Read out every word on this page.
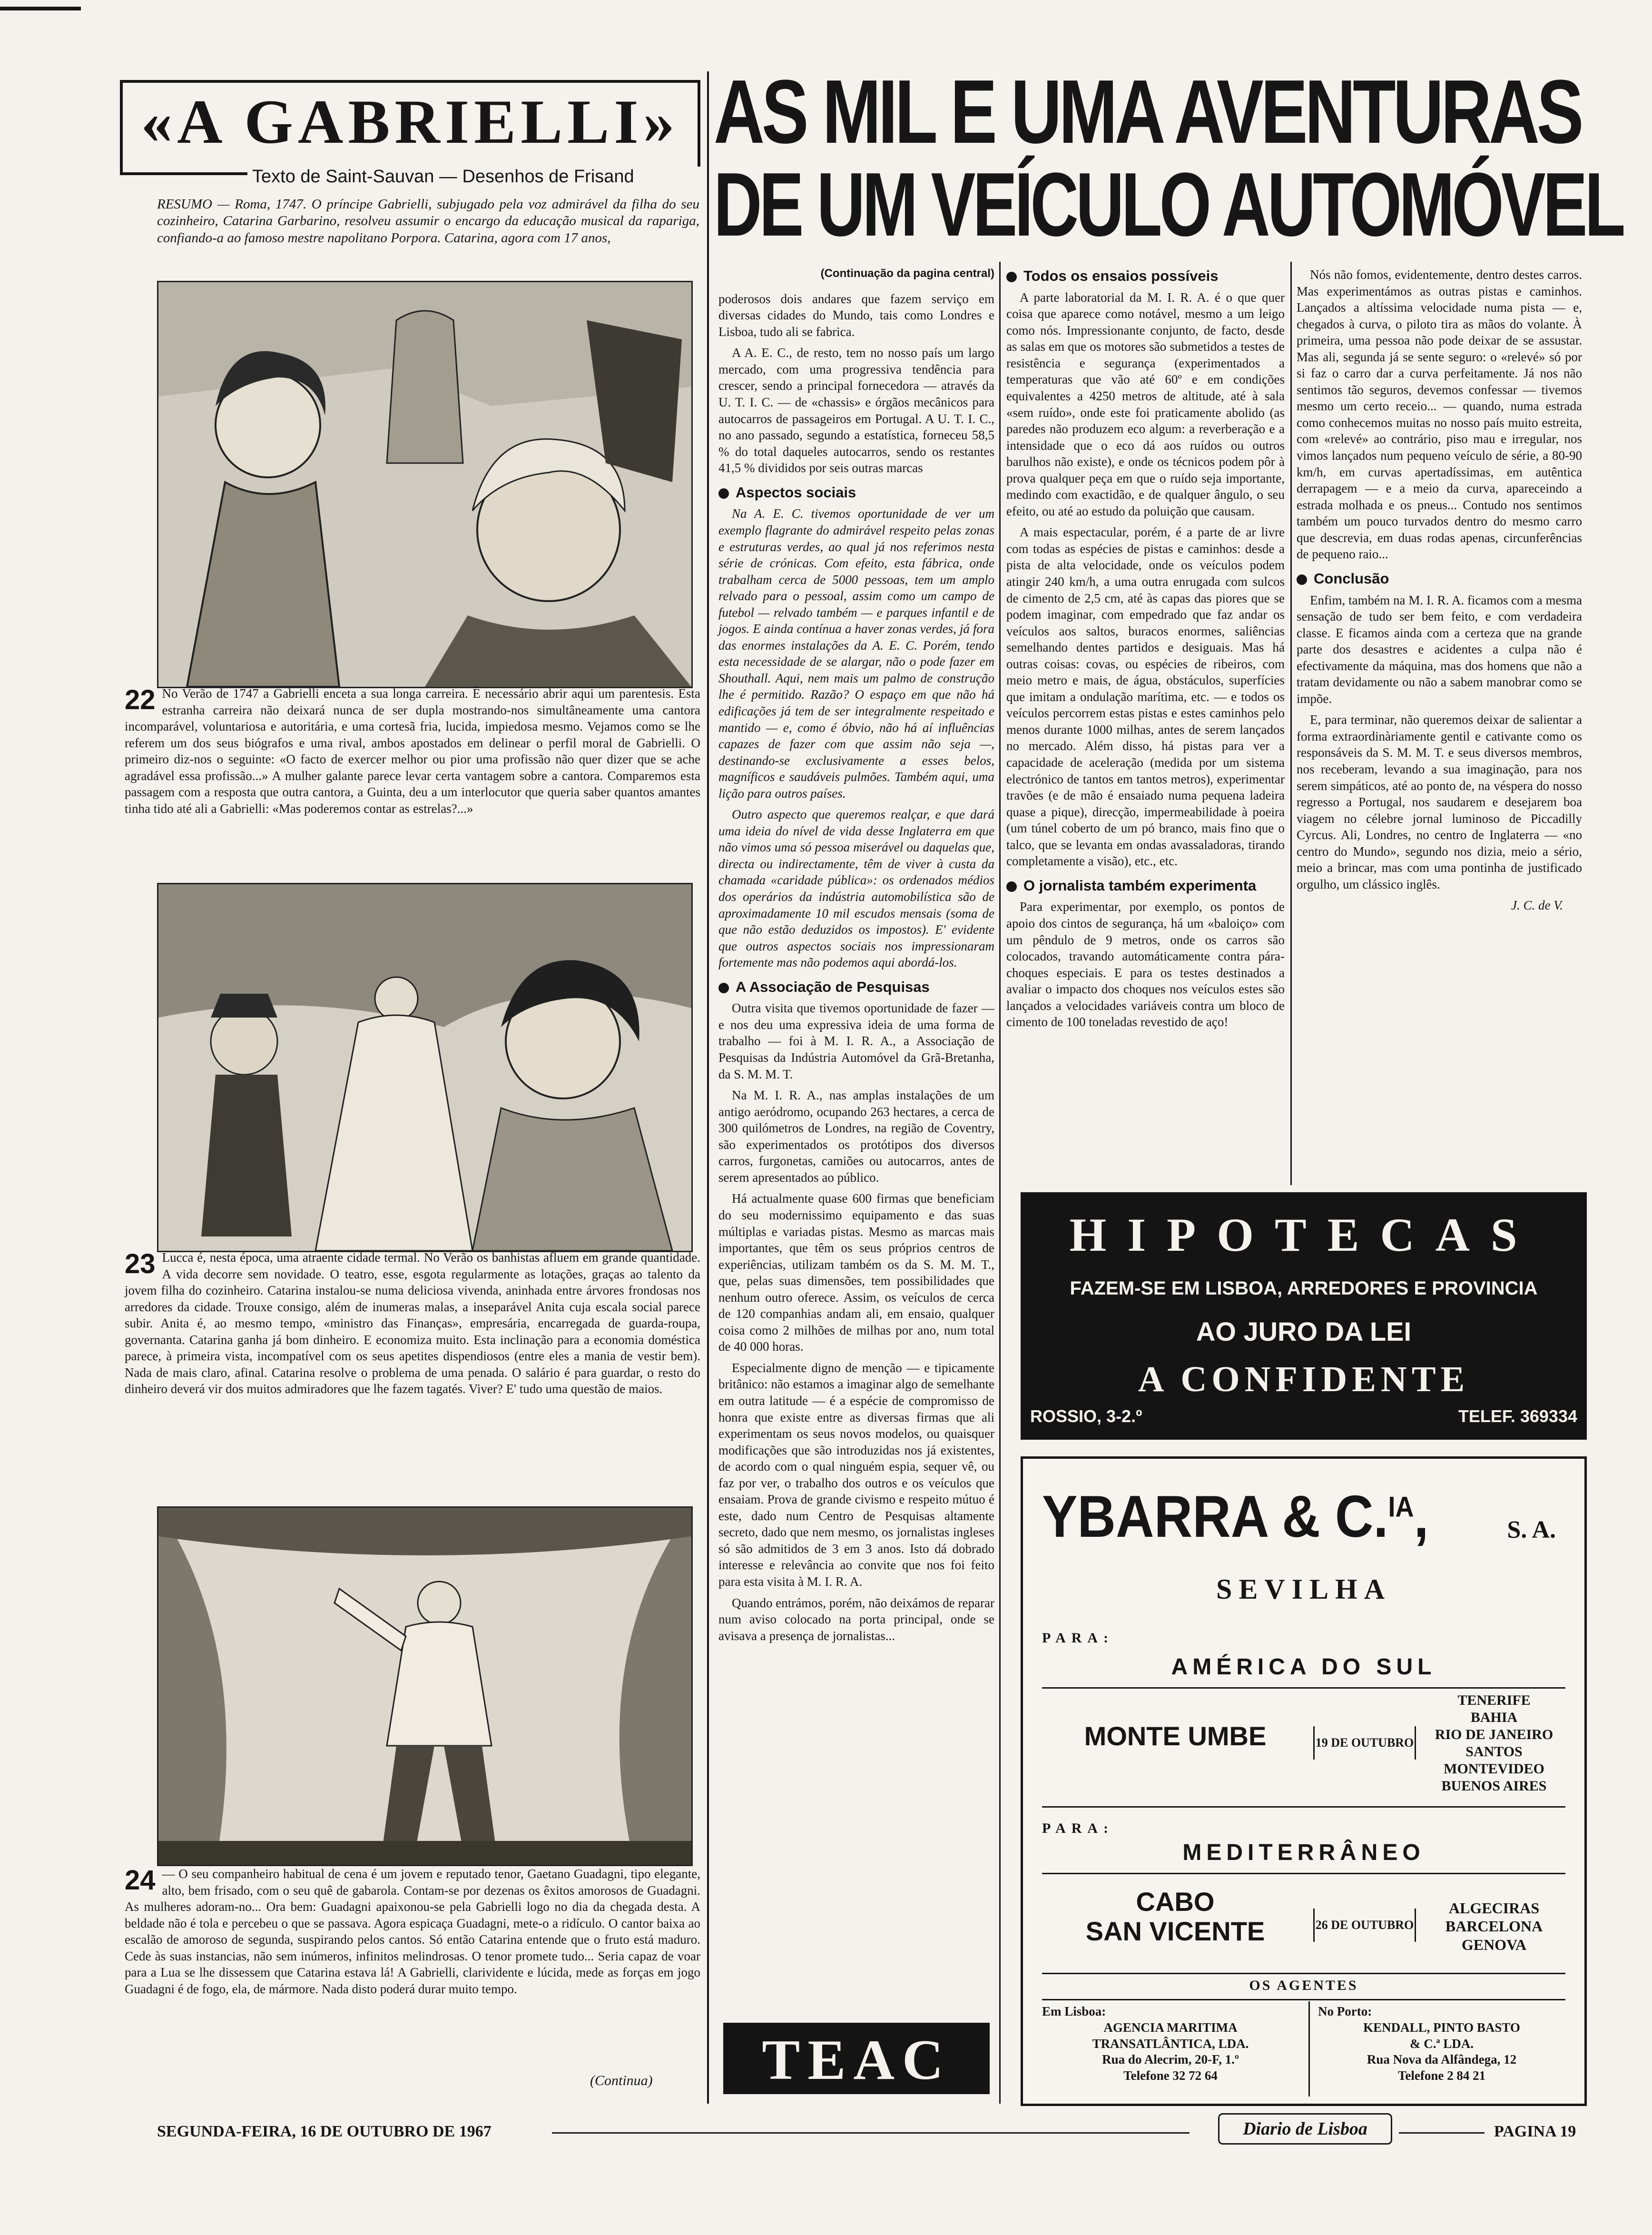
«A GABRIELLI»
Texto de Saint-Sauvan — Desenhos de Frisand
RESUMO — Roma, 1747. O príncipe Gabrielli, subjugado pela voz admirável da filha do seu cozinheiro, Catarina Garbarino, resolveu assumir o encargo da educação musical da rapariga, confiando-a ao famoso mestre napolitano Porpora. Catarina, agora com 17 anos,
22 No Verão de 1747 a Gabrielli enceta a sua longa carreira. É necessário abrir aqui um parentesis. Esta estranha carreira não deixará nunca de ser dupla mostrando-nos simultâneamente uma cantora incomparável, voluntariosa e autoritária, e uma cortesã fria, lucida, impiedosa mesmo. Vejamos como se lhe referem um dos seus biógrafos e uma rival, ambos apostados em delinear o perfil moral de Gabrielli. O primeiro diz-nos o seguinte: «O facto de exercer melhor ou pior uma profissão não quer dizer que se ache agradável essa profissão...» A mulher galante parece levar certa vantagem sobre a cantora. Comparemos esta passagem com a resposta que outra cantora, a Guinta, deu a um interlocutor que queria saber quantos amantes tinha tido até ali a Gabrielli: «Mas poderemos contar as estrelas?...»
23 Lucca é, nesta época, uma atraente cidade termal. No Verão os banhistas afluem em grande quantidade. A vida decorre sem novidade. O teatro, esse, esgota regularmente as lotações, graças ao talento da jovem filha do cozinheiro. Catarina instalou-se numa deliciosa vivenda, aninhada entre árvores frondosas nos arredores da cidade. Trouxe consigo, além de inumeras malas, a inseparável Anita cuja escala social parece subir. Anita é, ao mesmo tempo, «ministro das Finanças», empresária, encarregada de guarda-roupa, governanta. Catarina ganha já bom dinheiro. E economiza muito. Esta inclinação para a economia doméstica parece, à primeira vista, incompatível com os seus apetites dispendiosos (entre eles a mania de vestir bem). Nada de mais claro, afinal. Catarina resolve o problema de uma penada. O salário é para guardar, o resto do dinheiro deverá vir dos muitos admiradores que lhe fazem tagatés. Viver? E' tudo uma questão de maios.
24 — O seu companheiro habitual de cena é um jovem e reputado tenor, Gaetano Guadagni, tipo elegante, alto, bem frisado, com o seu quê de gabarola. Contam-se por dezenas os êxitos amorosos de Guadagni. As mulheres adoram-no... Ora bem: Guadagni apaixonou-se pela Gabrielli logo no dia da chegada desta. A beldade não é tola e percebeu o que se passava. Agora espicaça Guadagni, mete-o a ridículo. O cantor baixa ao escalão de amoroso de segunda, suspirando pelos cantos. Só então Catarina entende que o fruto está maduro. Cede às suas instancias, não sem inúmeros, infinitos melindrosas. O tenor promete tudo... Seria capaz de voar para a Lua se lhe dissessem que Catarina estava lá! A Gabrielli, clarividente e lúcida, mede as forças em jogo Guadagni é de fogo, ela, de mármore. Nada disto poderá durar muito tempo.
(Continua)
AS MIL E UMA AVENTURAS
DE UM VEÍCULO AUTOMÓVEL
(Continuação da pagina central)

poderosos dois andares que fazem serviço em diversas cidades do Mundo, tais como Londres e Lisboa, tudo ali se fabrica.

A A. E. C., de resto, tem no nosso país um largo mercado, com uma progressiva tendência para crescer, sendo a principal fornecedora — através da U. T. I. C. — de «chassis» e órgãos mecânicos para autocarros de passageiros em Portugal. A U. T. I. C., no ano passado, segundo a estatística, forneceu 58,5 % do total daqueles autocarros, sendo os restantes 41,5 % divididos por seis outras marcas

Aspectos sociais

Na A. E. C. tivemos oportunidade de ver um exemplo flagrante do admirável respeito pelas zonas e estruturas verdes, ao qual já nos referimos nesta série de crónicas. Com efeito, esta fábrica, onde trabalham cerca de 5000 pessoas, tem um amplo relvado para o pessoal, assim como um campo de futebol — relvado também — e parques infantil e de jogos. E ainda contínua a haver zonas verdes, já fora das enormes instalações da A. E. C. Porém, tendo esta necessidade de se alargar, não o pode fazer em Shouthall. Aqui, nem mais um palmo de construção lhe é permitido. Razão? O espaço em que não há edificações já tem de ser integralmente respeitado e mantido — e, como é óbvio, não há aí influências capazes de fazer com que assim não seja —, destinando-se exclusivamente a esses belos, magníficos e saudáveis pulmões. Também aqui, uma lição para outros países.

Outro aspecto que queremos realçar, e que dará uma ideia do nível de vida desse Inglaterra em que não vimos uma só pessoa miserável ou daquelas que, directa ou indirectamente, têm de viver à custa da chamada «caridade pública»: os ordenados médios dos operários da indústria automobilística são de aproximadamente 10 mil escudos mensais (soma de que não estão deduzidos os impostos). E' evidente que outros aspectos sociais nos impressionaram fortemente mas não podemos aqui abordá-los.

A Associação de Pesquisas

Outra visita que tivemos oportunidade de fazer — e nos deu uma expressiva ideia de uma forma de trabalho — foi à M. I. R. A., a Associação de Pesquisas da Indústria Automóvel da Grã-Bretanha, da S. M. M. T.

Na M. I. R. A., nas amplas instalações de um antigo aeródromo, ocupando 263 hectares, a cerca de 300 quilómetros de Londres, na região de Coventry, são experimentados os protótipos dos diversos carros, furgonetas, camiões ou autocarros, antes de serem apresentados ao público.

Há actualmente quase 600 firmas que beneficiam do seu modernissimo equipamento e das suas múltiplas e variadas pistas. Mesmo as marcas mais importantes, que têm os seus próprios centros de experiências, utilizam também os da S. M. M. T., que, pelas suas dimensões, tem possibilidades que nenhum outro oferece. Assim, os veículos de cerca de 120 companhias andam ali, em ensaio, qualquer coisa como 2 milhões de milhas por ano, num total de 40 000 horas.

Especialmente digno de menção — e tipicamente britânico: não estamos a imaginar algo de semelhante em outra latitude — é a espécie de compromisso de honra que existe entre as diversas firmas que ali experimentam os seus novos modelos, ou quaisquer modificações que são introduzidas nos já existentes, de acordo com o qual ninguém espia, sequer vê, ou faz por ver, o trabalho dos outros e os veículos que ensaiam. Prova de grande civismo e respeito mútuo é este, dado num Centro de Pesquisas altamente secreto, dado que nem mesmo, os jornalistas ingleses só são admitidos de 3 em 3 anos. Isto dá dobrado interesse e relevância ao convite que nos foi feito para esta visita à M. I. R. A.

Quando entrámos, porém, não deixámos de reparar num aviso colocado na porta principal, onde se avisava a presença de jornalistas...

Todos os ensaios possíveis

A parte laboratorial da M. I. R. A. é o que quer coisa que aparece como notável, mesmo a um leigo como nós. Impressionante conjunto, de facto, desde as salas em que os motores são submetidos a testes de resistência e segurança (experimentados a temperaturas que vão até 60º e em condições equivalentes a 4250 metros de altitude, até à sala «sem ruído», onde este foi praticamente abolido (as paredes não produzem eco algum: a reverberação e a intensidade que o eco dá aos ruídos ou outros barulhos não existe), e onde os técnicos podem pôr à prova qualquer peça em que o ruído seja importante, medindo com exactidão, e de qualquer ângulo, o seu efeito, ou até ao estudo da poluição que causam.

A mais espectacular, porém, é a parte de ar livre com todas as espécies de pistas e caminhos: desde a pista de alta velocidade, onde os veículos podem atingir 240 km/h, a uma outra enrugada com sulcos de cimento de 2,5 cm, até às capas das piores que se podem imaginar, com empedrado que faz andar os veículos aos saltos, buracos enormes, saliências semelhando dentes partidos e desiguais. Mas há outras coisas: covas, ou espécies de ribeiros, com meio metro e mais, de água, obstáculos, superfícies que imitam a ondulação marítima, etc. — e todos os veículos percorrem estas pistas e estes caminhos pelo menos durante 1000 milhas, antes de serem lançados no mercado. Além disso, há pistas para ver a capacidade de aceleração (medida por um sistema electrónico de tantos em tantos metros), experimentar travões (e de mão é ensaiado numa pequena ladeira quase a pique), direcção, impermeabilidade à poeira (um túnel coberto de um pó branco, mais fino que o talco, que se levanta em ondas avassaladoras, tirando completamente a visão), etc., etc.

O jornalista também experimenta

Para experimentar, por exemplo, os pontos de apoio dos cintos de segurança, há um «baloiço» com um pêndulo de 9 metros, onde os carros são colocados, travando automáticamente contra pára-choques especiais. E para os testes destinados a avaliar o impacto dos choques nos veículos estes são lançados a velocidades variáveis contra um bloco de cimento de 100 toneladas revestido de aço!

Nós não fomos, evidentemente, dentro destes carros. Mas experimentámos as outras pistas e caminhos. Lançados a altíssima velocidade numa pista — e, chegados à curva, o piloto tira as mãos do volante. À primeira, uma pessoa não pode deixar de se assustar. Mas ali, segunda já se sente seguro: o «relevé» só por si faz o carro dar a curva perfeitamente. Já nos não sentimos tão seguros, devemos confessar — tivemos mesmo um certo receio... — quando, numa estrada como conhecemos muitas no nosso país muito estreita, com «relevé» ao contrário, piso mau e irregular, nos vimos lançados num pequeno veículo de série, a 80-90 km/h, em curvas apertadíssimas, em autêntica derrapagem — e a meio da curva, apareceindo a estrada molhada e os pneus... Contudo nos sentimos também um pouco turvados dentro do mesmo carro que descrevia, em duas rodas apenas, circunferências de pequeno raio...

Conclusão

Enfim, também na M. I. R. A. ficamos com a mesma sensação de tudo ser bem feito, e com verdadeira classe. E ficamos ainda com a certeza que na grande parte dos desastres e acidentes a culpa não é efectivamente da máquina, mas dos homens que não a tratam devidamente ou não a sabem manobrar como se impõe.

E, para terminar, não queremos deixar de salientar a forma extraordinàriamente gentil e cativante como os responsáveis da S. M. M. T. e seus diversos membros, nos receberam, levando a sua imaginação, para nos serem simpáticos, até ao ponto de, na véspera do nosso regresso a Portugal, nos saudarem e desejarem boa viagem no célebre jornal luminoso de Piccadilly Cyrcus. Ali, Londres, no centro de Inglaterra — «no centro do Mundo», segundo nos dizia, meio a sério, meio a brincar, mas com uma pontinha de justificado orgulho, um clássico inglês.

J. C. de V.
HIPOTECAS
FAZEM-SE EM LISBOA, ARREDORES E PROVINCIA
AO JURO DA LEI
A CONFIDENTE
ROSSIO, 3-2.º	TELEF. 369334
YBARRA & C.$^{IA}$,	S. A.
SEVILHA
PARA:
AMÉRICA DO SUL
MONTE UMBE	19 DE OUTUBRO
TENERIFE
BAHIA
RIO DE JANEIRO
SANTOS
MONTEVIDEO
BUENOS AIRES
PARA:
MEDITERRÂNEO
CABO
SAN VICENTE	26 DE OUTUBRO
ALGECIRAS
BARCELONA
GENOVA
OS AGENTES
Em Lisboa:
AGENCIA MARITIMA
TRANSATLÂNTICA, LDA.
Rua do Alecrim, 20-F, 1.º
Telefone 32 72 64
No Porto:
KENDALL, PINTO BASTO
& C.ª LDA.
Rua Nova da Alfândega, 12
Telefone 2 84 21
TEAC
SEGUNDA-FEIRA, 16 DE OUTUBRO DE 1967	Diario de Lisboa	PAGINA 19
